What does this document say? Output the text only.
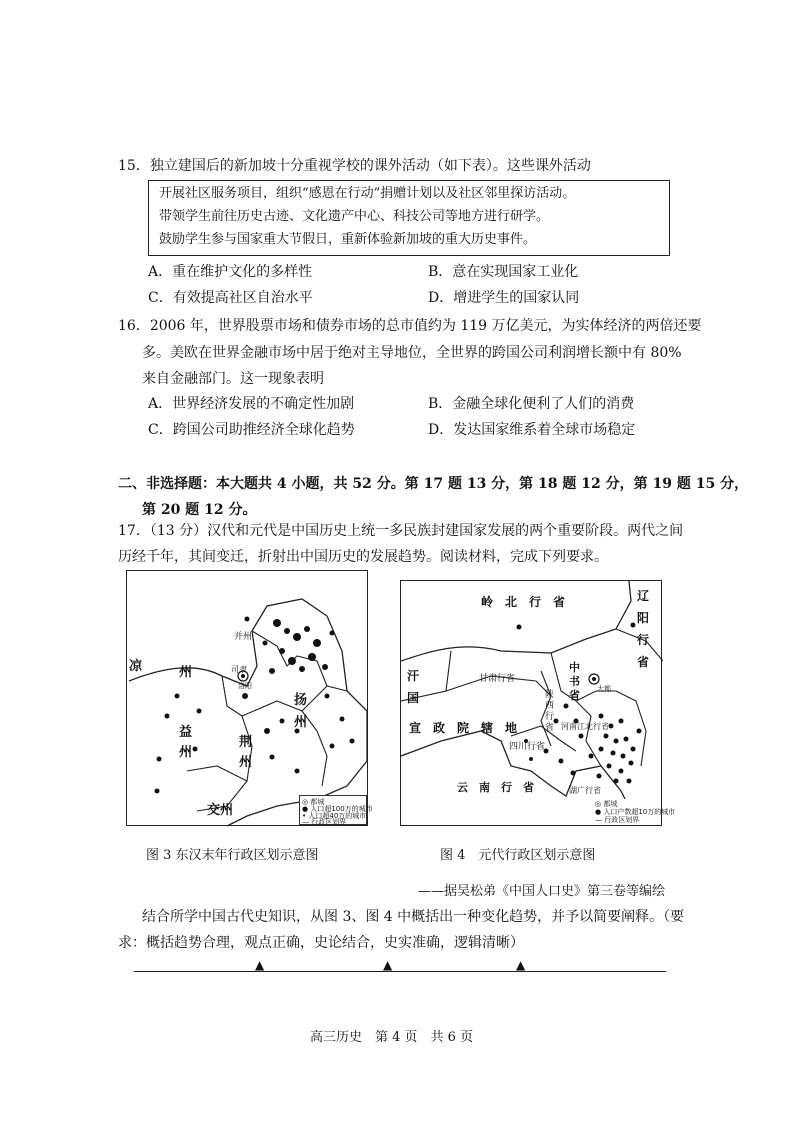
15．独立建国后的新加坡十分重视学校的课外活动（如下表）。这些课外活动
开展社区服务项目，组织“感恩在行动”捐赠计划以及社区邻里探访活动。
带领学生前往历史古迹、文化遗产中心、科技公司等地方进行研学。
鼓励学生参与国家重大节假日，重新体验新加坡的重大历史事件。
A．重在维护文化的多样性	B．意在实现国家工业化
C．有效提高社区自治水平	D．增进学生的国家认同
16．2006 年，世界股票市场和债券市场的总市值约为 119 万亿美元，为实体经济的两倍还要
多。美欧在世界金融市场中居于绝对主导地位，全世界的跨国公司利润增长额中有 80%
来自金融部门。这一现象表明
A．世界经济发展的不确定性加剧	B．金融全球化便利了人们的消费
C．跨国公司助推经济全球化趋势	D．发达国家维系着全球市场稳定
二、非选择题：本大题共 4 小题，共 52 分。第 17 题 13 分，第 18 题 12 分，第 19 题 15 分，
第 20 题 12 分。
17．（13 分）汉代和元代是中国历史上统一多民族封建国家发展的两个重要阶段。两代之间
历经千年，其间变迁，折射出中国历史的发展趋势。阅读材料，完成下列要求。
凉	州
并州
司隶
洛阳
益
州
荆
州
扬
州
交州
◎ 都城
● 人口超100万的城市
• 人口超40万的城市
— 行政区划界
岭　北　行　省	辽
阳
行
省
汗
国
甘肃行省
中
书
省 大都
陕
西
行
省
宣　政　院　辖　地	河南江北行省
四川行省
云　南　行　省	湖广行省
◎ 都城
● 人口户数超10万的城市
— 行政区划界
图 3 东汉末年行政区划示意图	图 4　元代行政区划示意图
——据吴松弟《中国人口史》第三卷等编绘
结合所学中国古代史知识，从图 3、图 4 中概括出一种变化趋势，并予以简要阐释。（要
求：概括趋势合理，观点正确，史论结合，史实准确，逻辑清晰）
▲	▲	▲
高三历史　第 4 页　共 6 页
